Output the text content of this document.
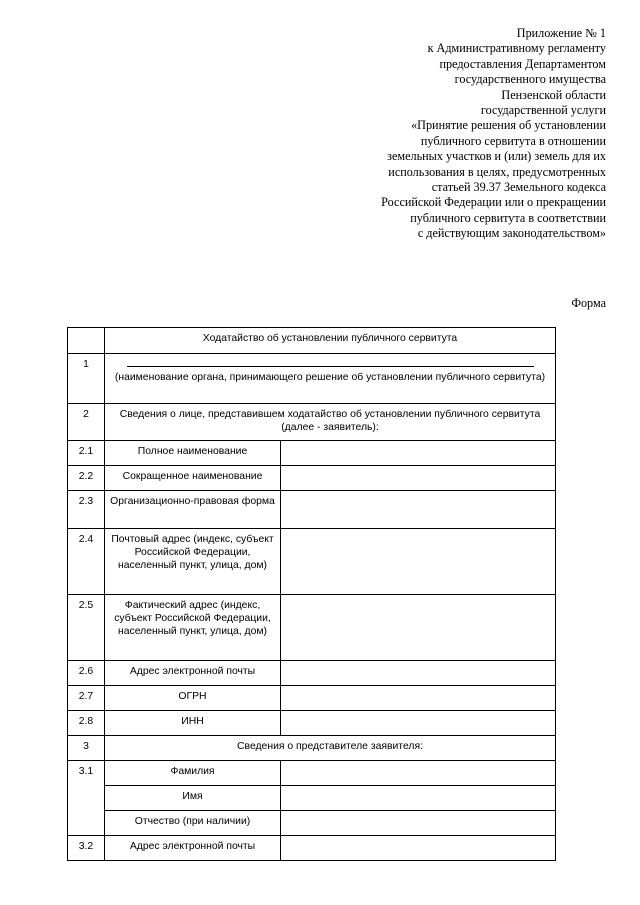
Приложение № 1
к Административному регламенту
предоставления Департаментом
государственного имущества
Пензенской области
государственной услуги
«Принятие решения об установлении
публичного сервитута в отношении
земельных участков и (или) земель для их
использования в целях, предусмотренных
статьей 39.37 Земельного кодекса
Российской Федерации или о прекращении
публичного сервитута в соответствии
с действующим законодательством»
Форма
	Ходатайство об установлении публичного сервитута	
1	(наименование органа, принимающего решение об установлении публичного сервитута)	

2	Сведения о лице, представившем ходатайство об установлении публичного сервитута (далее - заявитель):	
2.1	Полное наименование	
2.2	Сокращенное наименование	
2.3	Организационно-правовая форма	
2.4	Почтовый адрес (индекс, субъект Российской Федерации, населенный пункт, улица, дом)	
2.5	Фактический адрес (индекс, субъект Российской Федерации, населенный пункт, улица, дом)	
2.6	Адрес электронной почты	
2.7	ОГРН	
2.8	ИНН	
3	Сведения о представителе заявителя:	
3.1	Фамилия	
	Имя	
	Отчество (при наличии)	
3.2	Адрес электронной почты	
